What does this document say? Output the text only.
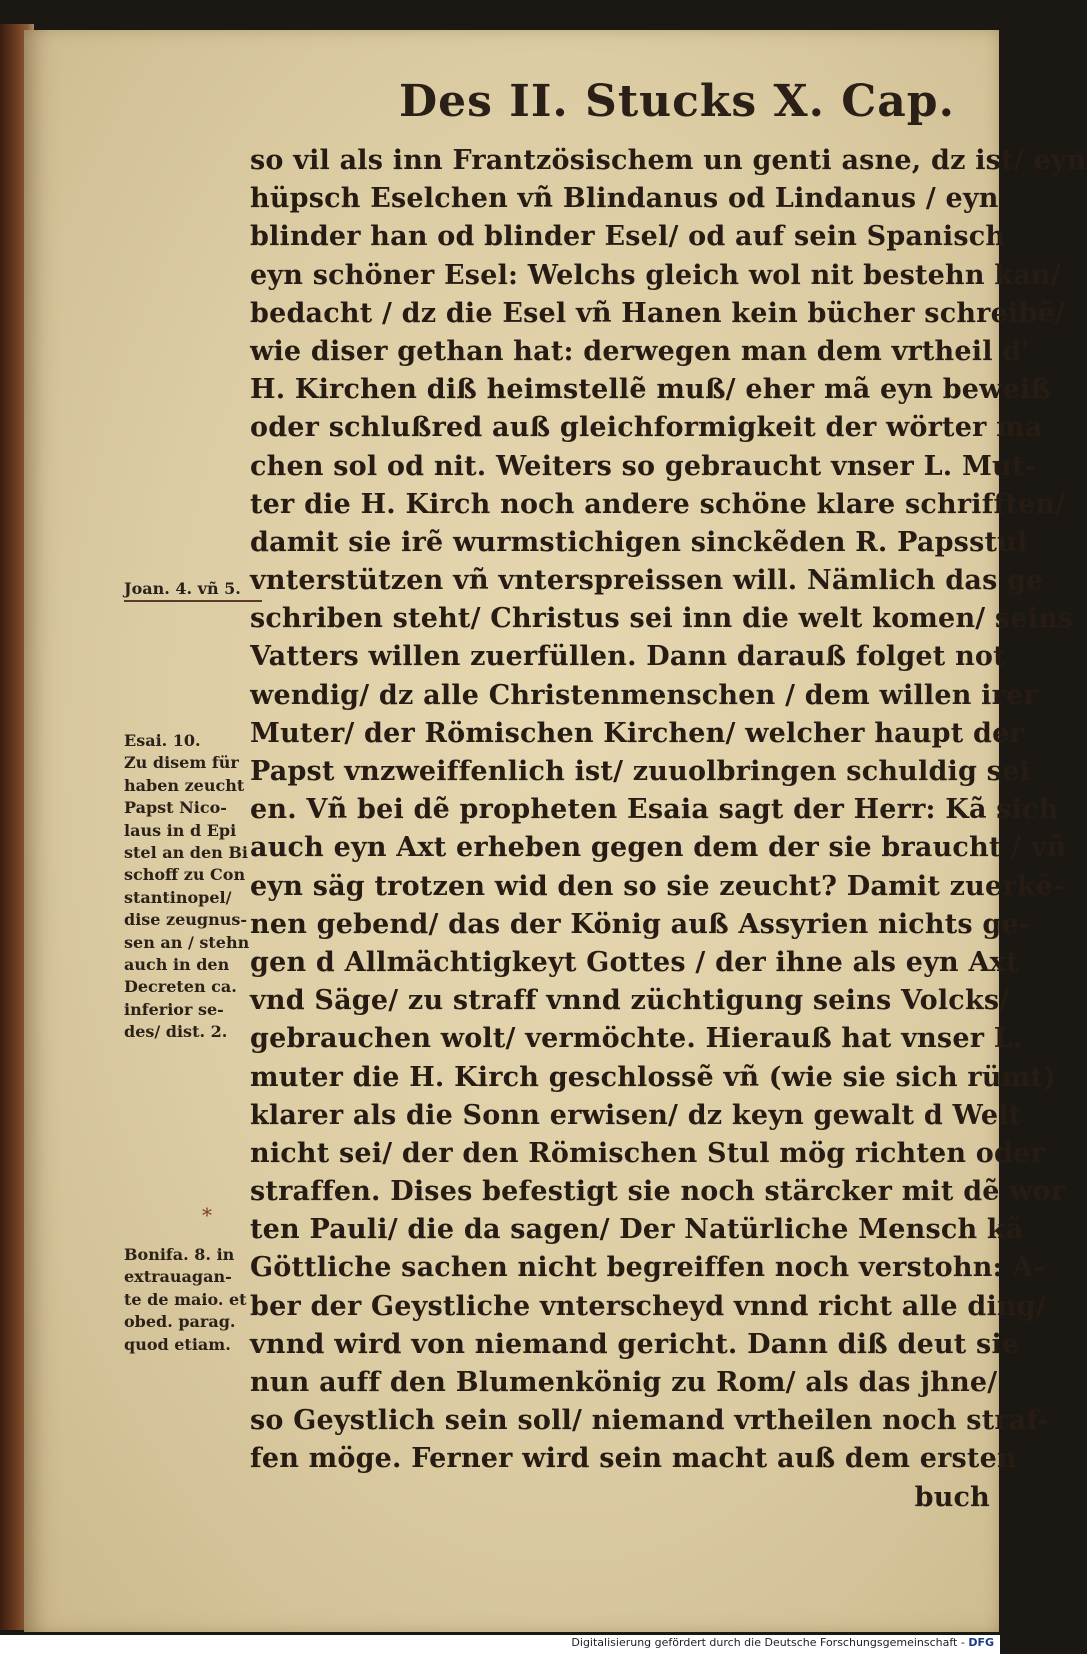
Des II. Stucks X. Cap.
so vil als inn Frantzösischem un genti asne, dz ist/ eyn
hüpsch Eselchen vñ Blindanus od Lindanus / eyn
blinder han od blinder Esel/ od auf sein Spanisch
eyn schöner Esel: Welchs gleich wol nit bestehn kan/
bedacht / dz die Esel vñ Hanen kein bücher schreibẽ/
wie diser gethan hat: derwegen man dem vrtheil d'
H. Kirchen diß heimstellẽ muß/ eher mã eyn beweiß
oder schlußred auß gleichformigkeit der wörter ma
chen sol od nit. Weiters so gebraucht vnser L. Mut-
ter die H. Kirch noch andere schöne klare schrifften/
damit sie irẽ wurmstichigen sinckẽden R. Papsstul
vnterstützen vñ vnterspreissen will. Nämlich das ge
schriben steht/ Christus sei inn die welt komen/ seins
Vatters willen zuerfüllen. Dann darauß folget not
wendig/ dz alle Christenmenschen / dem willen irer
Muter/ der Römischen Kirchen/ welcher haupt der
Papst vnzweiffenlich ist/ zuuolbringen schuldig sei
en. Vñ bei dẽ propheten Esaia sagt der Herr: Kã sich
auch eyn Axt erheben gegen dem der sie braucht / vñ
eyn säg trotzen wid den so sie zeucht? Damit zuerkẽ-
nen gebend/ das der König auß Assyrien nichts ge-
gen d Allmächtigkeyt Gottes / der ihne als eyn Axt
vnd Säge/ zu straff vnnd züchtigung seins Volcks/
gebrauchen wolt/ vermöchte. Hierauß hat vnser L.
muter die H. Kirch geschlossẽ vñ (wie sie sich rümt)
klarer als die Sonn erwisen/ dz keyn gewalt d Welt
nicht sei/ der den Römischen Stul mög richten oder
straffen. Dises befestigt sie noch stärcker mit dẽ wor
ten Pauli/ die da sagen/ Der Natürliche Mensch kã
Göttliche sachen nicht begreiffen noch verstohn: A-
ber der Geystliche vnterscheyd vnnd richt alle ding/
vnnd wird von niemand gericht. Dann diß deut sie
nun auff den Blumenkönig zu Rom/ als das jhne/
so Geystlich sein soll/ niemand vrtheilen noch straf-
fen möge. Ferner wird sein macht auß dem ersten
buch
Joan. 4. vñ 5.
Esai. 10.
Zu disem für
haben zeucht
Papst Nico-
laus in d Epi
stel an den Bi
schoff zu Con
stantinopel/
dise zeugnus-
sen an / stehn
auch in den
Decreten ca.
inferior se-
des/ dist. 2.
Bonifa. 8. in
extrauagan-
te de maio. et
obed. parag.
quod etiam.
*
Digitalisierung gefördert durch die Deutsche Forschungsgemeinschaft - DFG
